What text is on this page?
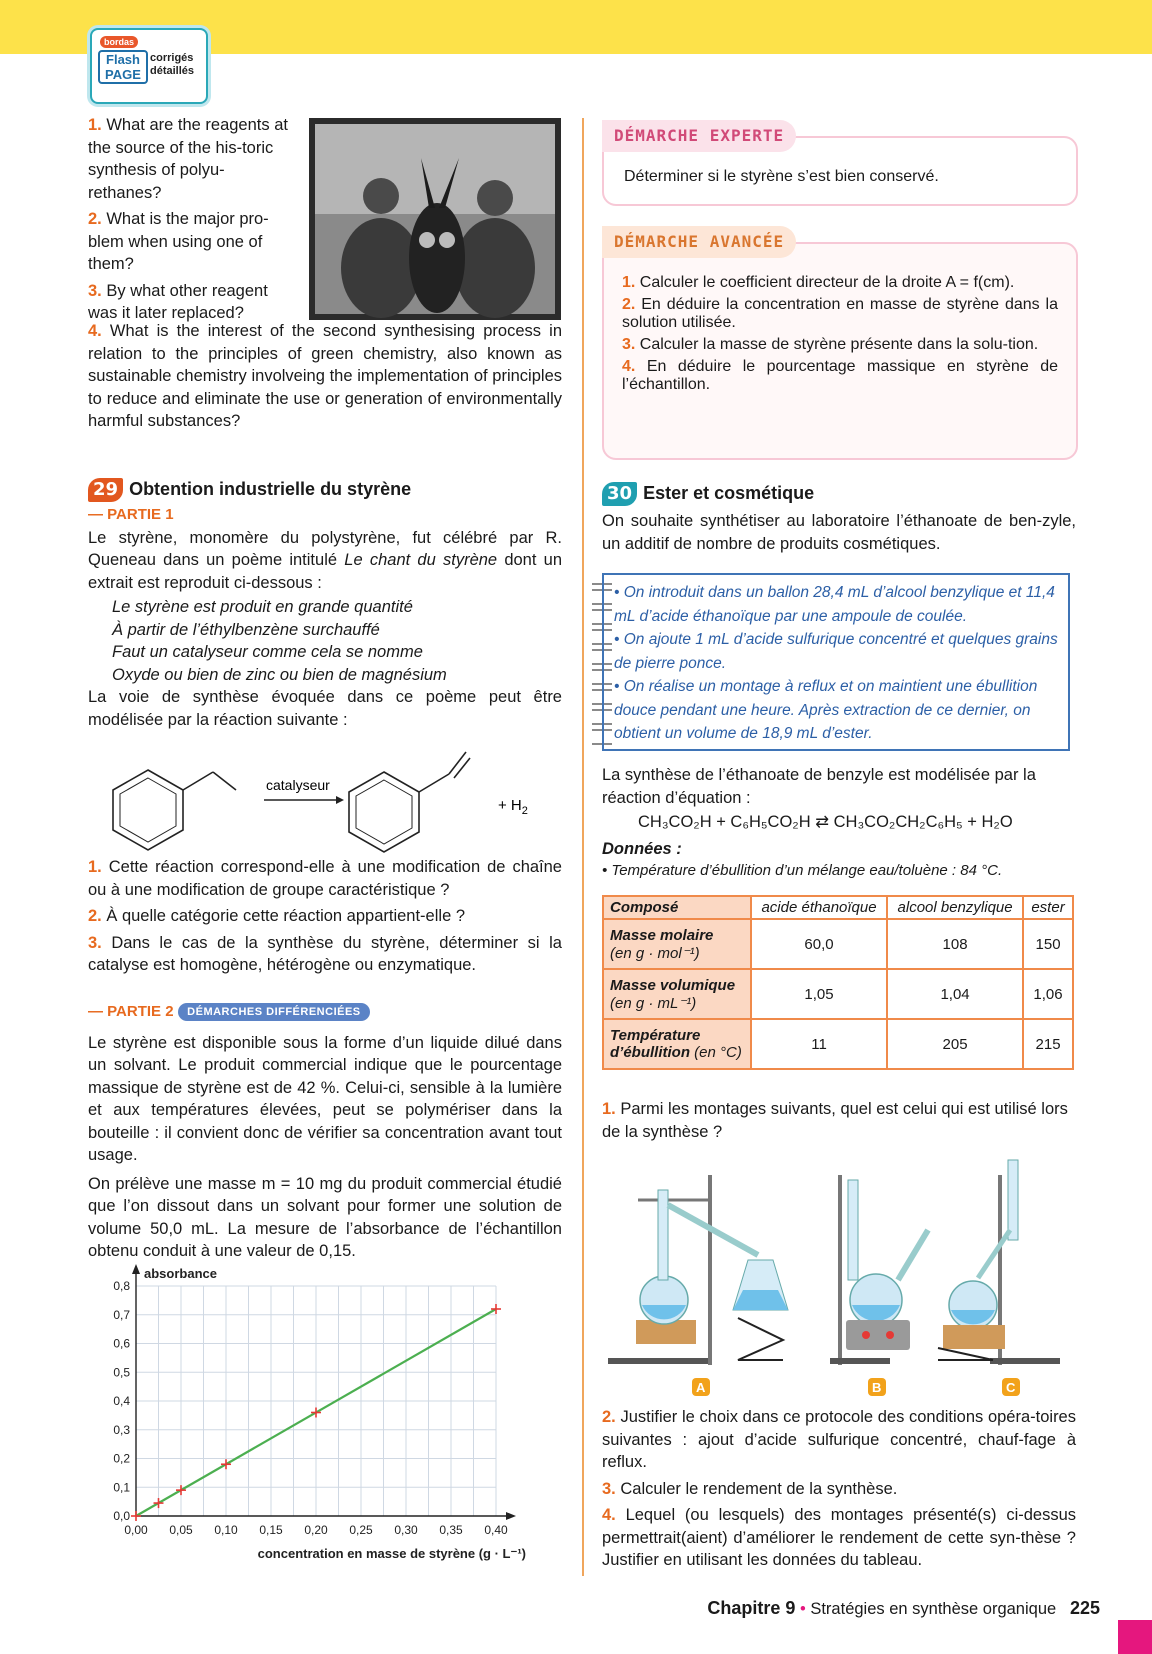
bordas
Flash
PAGE
corrigés
détaillés

1. What are the reagents at the source of the his-toric synthesis of polyu-rethanes?

2. What is the major pro-blem when using one of them?

3. By what other reagent was it later replaced?

4. What is the interest of the second synthesising process in relation to the principles of green chemistry, also known as sustainable chemistry involveing the implementation of principles to reduce and eliminate the use or generation of environmentally harmful substances?

29 Obtention industrielle du styrène
— PARTIE 1

Le styrène, monomère du polystyrène, fut célébré par R. Queneau dans un poème intitulé Le chant du styrène dont un extrait est reproduit ci-dessous :

Le styrène est produit en grande quantité
À partir de l’éthylbenzène surchauffé
Faut un catalyseur comme cela se nomme
Oxyde ou bien de zinc ou bien de magnésium

La voie de synthèse évoquée dans ce poème peut être modélisée par la réaction suivante :

catalyseur
+ $H_2$

1. Cette réaction correspond-elle à une modification de chaîne ou à une modification de groupe caractéristique ?

2. À quelle catégorie cette réaction appartient-elle ?

3. Dans le cas de la synthèse du styrène, déterminer si la catalyse est homogène, hétérogène ou enzymatique.

— PARTIE 2 DÉMARCHES DIFFÉRENCIÉES

Le styrène est disponible sous la forme d’un liquide dilué dans un solvant. Le produit commercial indique que le pourcentage massique de styrène est de 42 %. Celui-ci, sensible à la lumière et aux températures élevées, peut se polymériser dans la bouteille : il convient donc de vérifier sa concentration avant tout usage.

On prélève une masse m = 10 mg du produit commercial étudié que l’on dissout dans un solvant pour former une solution de volume 50,0 mL. La mesure de l’absorbance de l’échantillon obtenu conduit à une valeur de 0,15.

0,00 0,05 0,10 0,15 0,20 0,25 0,30 0,35 0,40
0,0
0,1
0,2
0,3
0,4
0,5
0,6
0,7
0,8
absorbance
concentration en masse de styrène (g · L⁻¹)

Déterminer si le styrène s’est bien conservé.

DÉMARCHE EXPERTE

1. Calculer le coefficient directeur de la droite A = f(cm).

2. En déduire la concentration en masse de styrène dans la solution utilisée.

3. Calculer la masse de styrène présente dans la solu-tion.

4. En déduire le pourcentage massique en styrène de l’échantillon.

DÉMARCHE AVANCÉE
30 Ester et cosmétique

On souhaite synthétiser au laboratoire l’éthanoate de ben-zyle, un additif de nombre de produits cosmétiques.

• On introduit dans un ballon 28,4 mL d’alcool benzylique et 11,4 mL d’acide éthanoïque par une ampoule de coulée.
• On ajoute 1 mL d’acide sulfurique concentré et quelques grains de pierre ponce.
• On réalise un montage à reflux et on maintient une ébullition douce pendant une heure. Après extraction de ce dernier, on obtient un volume de 18,9 mL d’ester.

La synthèse de l’éthanoate de benzyle est modélisée par la réaction d’équation :

CH₃CO₂H + C₆H₅CO₂H ⇄ CH₃CO₂CH₂C₆H₅ + H₂O

Données :

• Température d’ébullition d’un mélange eau/toluène : 84 °C.

Composé	acide éthanoïque	alcool benzylique	ester

Masse molaire
(en g · mol⁻¹)	60,0	108	150

Masse volumique
(en g · mL⁻¹)	1,05	1,04	1,06
Température d’ébullition (en °C)	11	205	215

1. Parmi les montages suivants, quel est celui qui est utilisé lors de la synthèse ?

A	B	C

2. Justifier le choix dans ce protocole des conditions opéra-toires suivantes : ajout d’acide sulfurique concentré, chauf-fage à reflux.

3. Calculer le rendement de la synthèse.

4. Lequel (ou lesquels) des montages présenté(s) ci-dessus permettrait(aient) d’améliorer le rendement de cette syn-thèse ? Justifier en utilisant les données du tableau.

Chapitre 9 • Stratégies en synthèse organique 225
